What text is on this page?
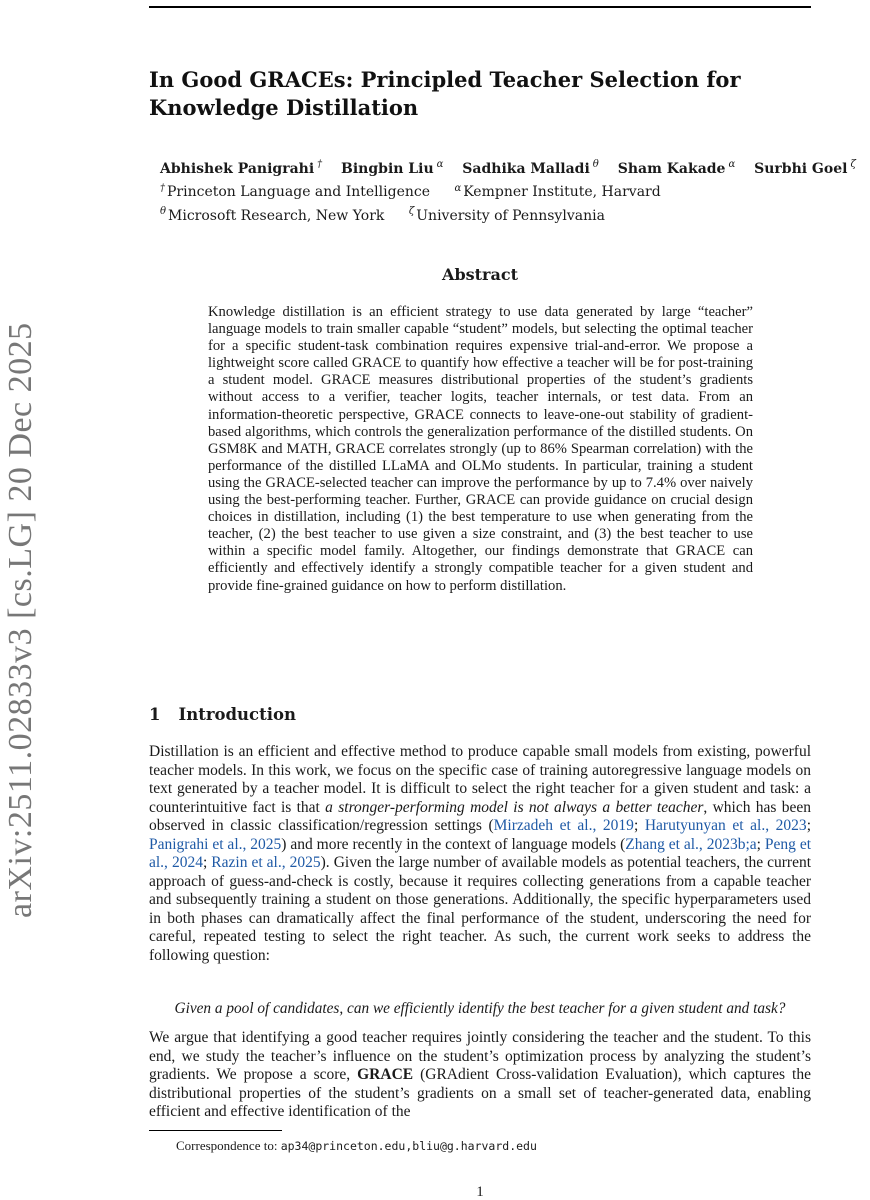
arXiv:2511.02833v3 [cs.LG] 20 Dec 2025
In Good GRACEs: Principled Teacher Selection for Knowledge Distillation
Abhishek Panigrahi † Bingbin Liu $^\alpha$ Sadhika Malladi $^\theta$ Sham Kakade $^\alpha$ Surbhi Goel $^\zeta$
† Princeton Language and Intelligence $^\alpha$ Kempner Institute, Harvard
$^\theta$ Microsoft Research, New York $^\zeta$ University of Pennsylvania
Abstract

Knowledge distillation is an efficient strategy to use data generated by large “teacher” language models to train smaller capable “student” models, but selecting the optimal teacher for a specific student-task combination requires expensive trial-and-error. We propose a lightweight score called GRACE to quantify how effective a teacher will be for post-training a student model. GRACE measures distributional properties of the student’s gradients without access to a verifier, teacher logits, teacher internals, or test data. From an information-theoretic perspective, GRACE connects to leave-one-out stability of gradient-based algorithms, which controls the generalization performance of the distilled students. On GSM8K and MATH, GRACE correlates strongly (up to 86% Spearman correlation) with the performance of the distilled LLaMA and OLMo students. In particular, training a student using the GRACE-selected teacher can improve the performance by up to 7.4% over naively using the best-performing teacher. Further, GRACE can provide guidance on crucial design choices in distillation, including (1) the best temperature to use when generating from the teacher, (2) the best teacher to use given a size constraint, and (3) the best teacher to use within a specific model family. Altogether, our findings demonstrate that GRACE can efficiently and effectively identify a strongly compatible teacher for a given student and provide fine-grained guidance on how to perform distillation.

1 Introduction

Distillation is an efficient and effective method to produce capable small models from existing, powerful teacher models. In this work, we focus on the specific case of training autoregressive language models on text generated by a teacher model. It is difficult to select the right teacher for a given student and task: a counterintuitive fact is that a stronger-performing model is not always a better teacher, which has been observed in classic classification/regression settings (Mirzadeh et al., 2019; Harutyunyan et al., 2023; Panigrahi et al., 2025) and more recently in the context of language models (Zhang et al., 2023b;a; Peng et al., 2024; Razin et al., 2025). Given the large number of available models as potential teachers, the current approach of guess-and-check is costly, because it requires collecting generations from a capable teacher and subsequently training a student on those generations. Additionally, the specific hyperparameters used in both phases can dramatically affect the final performance of the student, underscoring the need for careful, repeated testing to select the right teacher. As such, the current work seeks to address the following question:

Given a pool of candidates, can we efficiently identify the best teacher for a given student and task?

We argue that identifying a good teacher requires jointly considering the teacher and the student. To this end, we study the teacher’s influence on the student’s optimization process by analyzing the student’s gradients. We propose a score, GRACE (GRAdient Cross-validation Evaluation), which captures the distributional properties of the student’s gradients on a small set of teacher-generated data, enabling efficient and effective identification of the

Correspondence to: ap34@princeton.edu,bliu@g.harvard.edu

1
